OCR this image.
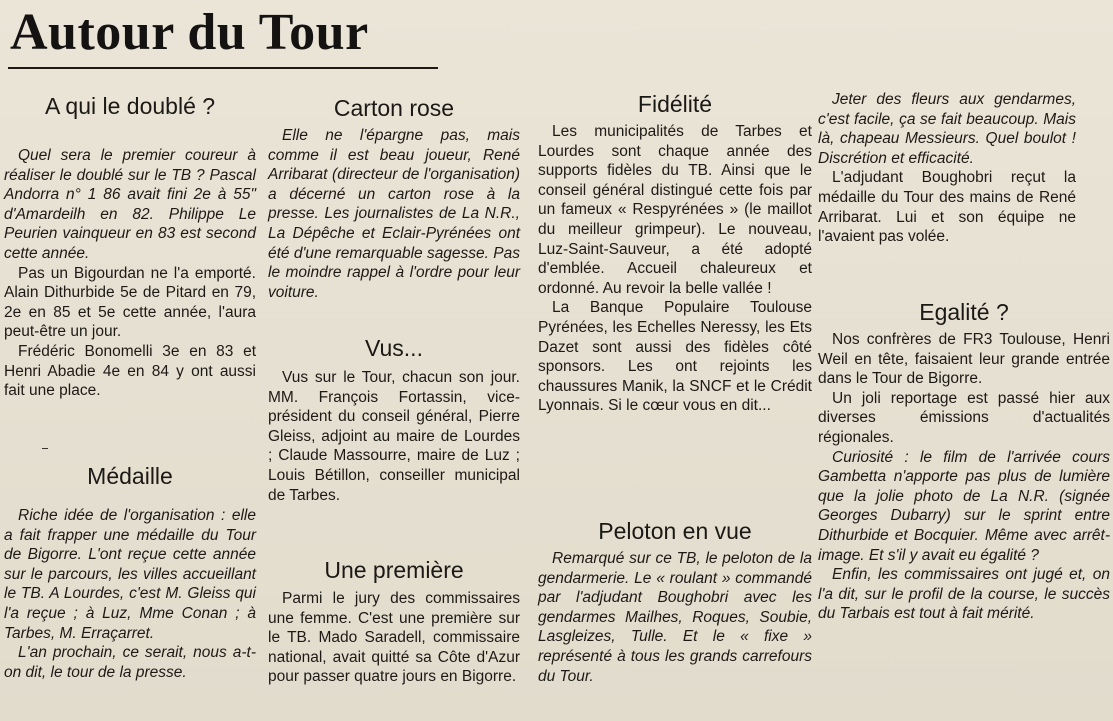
Autour du Tour
A qui le doublé ?

Quel sera le premier coureur à réaliser le doublé sur le TB ? Pascal Andorra n° 1 86 avait fini 2e à 55" d'Amardeilh en 82. Philippe Le Peurien vainqueur en 83 est second cette année.

Pas un Bigourdan ne l'a emporté. Alain Dithurbide 5e de Pitard en 79, 2e en 85 et 5e cette année, l'aura peut-être un jour.

Frédéric Bonomelli 3e en 83 et Henri Abadie 4e en 84 y ont aussi fait une place.

Médaille

Riche idée de l'organisation : elle a fait frapper une médaille du Tour de Bigorre. L'ont reçue cette année sur le parcours, les villes accueillant le TB. A Lourdes, c'est M. Gleiss qui l'a reçue ; à Luz, Mme Conan ; à Tarbes, M. Erraçarret.

L'an prochain, ce serait, nous a-t-on dit, le tour de la presse.

Carton rose

Elle ne l'épargne pas, mais comme il est beau joueur, René Arribarat (directeur de l'organisation) a décerné un carton rose à la presse. Les journalistes de La N.R., La Dépêche et Eclair-Pyrénées ont été d'une remarquable sagesse. Pas le moindre rappel à l'ordre pour leur voiture.

Vus...

Vus sur le Tour, chacun son jour. MM. François Fortassin, vice-président du conseil général, Pierre Gleiss, adjoint au maire de Lourdes ; Claude Massourre, maire de Luz ; Louis Bétillon, conseiller municipal de Tarbes.

Une première

Parmi le jury des commissaires une femme. C'est une première sur le TB. Mado Saradell, commissaire national, avait quitté sa Côte d'Azur pour passer quatre jours en Bigorre.

Fidélité

Les municipalités de Tarbes et Lourdes sont chaque année des supports fidèles du TB. Ainsi que le conseil général distingué cette fois par un fameux « Respyrénées » (le maillot du meilleur grimpeur). Le nouveau, Luz-Saint-Sauveur, a été adopté d'emblée. Accueil chaleureux et ordonné. Au revoir la belle vallée !

La Banque Populaire Toulouse Pyrénées, les Echelles Neressy, les Ets Dazet sont aussi des fidèles côté sponsors. Les ont rejoints les chaussures Manik, la SNCF et le Crédit Lyonnais. Si le cœur vous en dit...

Peloton en vue

Remarqué sur ce TB, le peloton de la gendarmerie. Le « roulant » commandé par l'adjudant Boughobri avec les gendarmes Mailhes, Roques, Soubie, Lasgleizes, Tulle. Et le « fixe » représenté à tous les grands carrefours du Tour.

Jeter des fleurs aux gendarmes, c'est facile, ça se fait beaucoup. Mais là, chapeau Messieurs. Quel boulot ! Discrétion et efficacité.

L'adjudant Boughobri reçut la médaille du Tour des mains de René Arribarat. Lui et son équipe ne l'avaient pas volée.

Egalité ?

Nos confrères de FR3 Toulouse, Henri Weil en tête, faisaient leur grande entrée dans le Tour de Bigorre.

Un joli reportage est passé hier aux diverses émissions d'actualités régionales.

Curiosité : le film de l'arrivée cours Gambetta n'apporte pas plus de lumière que la jolie photo de La N.R. (signée Georges Dubarry) sur le sprint entre Dithurbide et Bocquier. Même avec arrêt-image. Et s'il y avait eu égalité ?

Enfin, les commissaires ont jugé et, on l'a dit, sur le profil de la course, le succès du Tarbais est tout à fait mérité.
